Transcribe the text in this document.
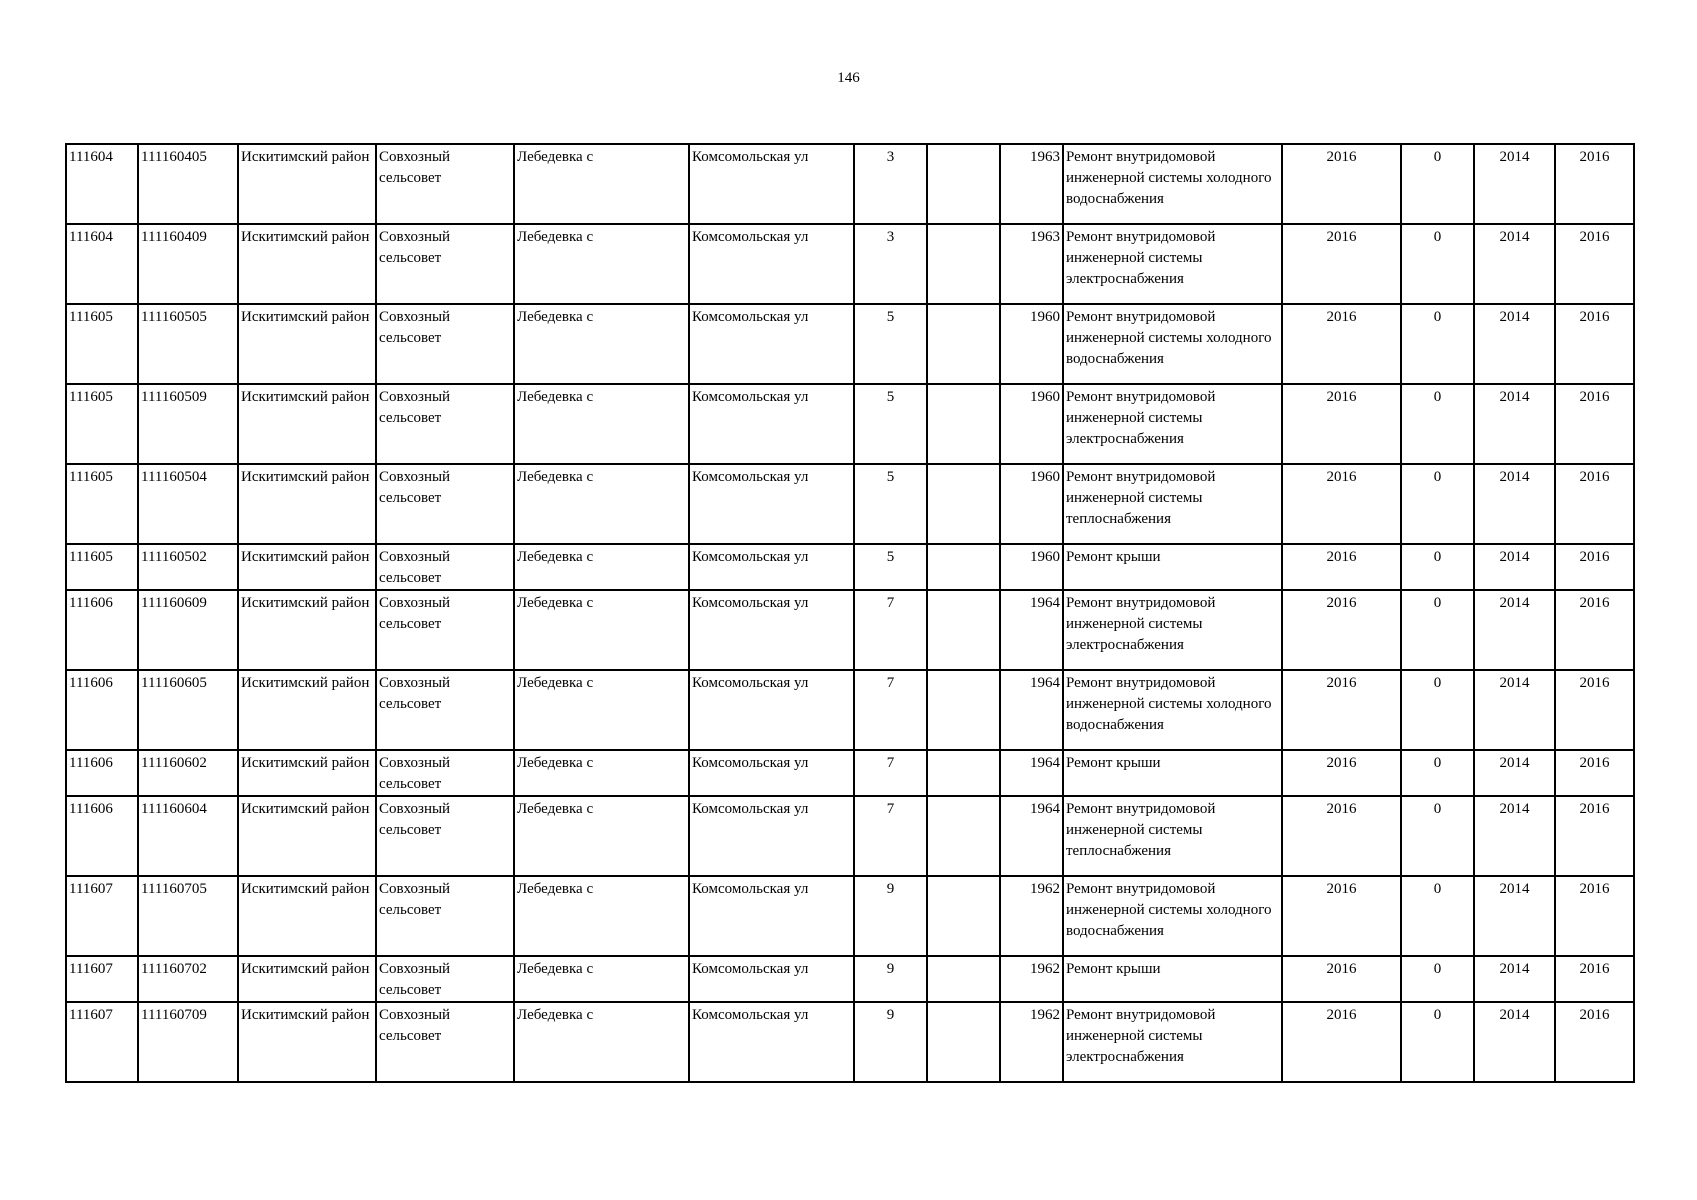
146
111604	111160405	Искитимский район	Совхозный сельсовет	Лебедевка с	Комсомольская ул	3		1963	Ремонт внутридомовой инженерной системы холодного водоснабжения	2016	0	2014	2016
111604	111160409	Искитимский район	Совхозный сельсовет	Лебедевка с	Комсомольская ул	3		1963	Ремонт внутридомовой инженерной системы электроснабжения	2016	0	2014	2016
111605	111160505	Искитимский район	Совхозный сельсовет	Лебедевка с	Комсомольская ул	5		1960	Ремонт внутридомовой инженерной системы холодного водоснабжения	2016	0	2014	2016
111605	111160509	Искитимский район	Совхозный сельсовет	Лебедевка с	Комсомольская ул	5		1960	Ремонт внутридомовой инженерной системы электроснабжения	2016	0	2014	2016
111605	111160504	Искитимский район	Совхозный сельсовет	Лебедевка с	Комсомольская ул	5		1960	Ремонт внутридомовой инженерной системы теплоснабжения	2016	0	2014	2016
111605	111160502	Искитимский район	Совхозный сельсовет	Лебедевка с	Комсомольская ул	5		1960	Ремонт крыши	2016	0	2014	2016
111606	111160609	Искитимский район	Совхозный сельсовет	Лебедевка с	Комсомольская ул	7		1964	Ремонт внутридомовой инженерной системы электроснабжения	2016	0	2014	2016
111606	111160605	Искитимский район	Совхозный сельсовет	Лебедевка с	Комсомольская ул	7		1964	Ремонт внутридомовой инженерной системы холодного водоснабжения	2016	0	2014	2016
111606	111160602	Искитимский район	Совхозный сельсовет	Лебедевка с	Комсомольская ул	7		1964	Ремонт крыши	2016	0	2014	2016
111606	111160604	Искитимский район	Совхозный сельсовет	Лебедевка с	Комсомольская ул	7		1964	Ремонт внутридомовой инженерной системы теплоснабжения	2016	0	2014	2016
111607	111160705	Искитимский район	Совхозный сельсовет	Лебедевка с	Комсомольская ул	9		1962	Ремонт внутридомовой инженерной системы холодного водоснабжения	2016	0	2014	2016
111607	111160702	Искитимский район	Совхозный сельсовет	Лебедевка с	Комсомольская ул	9		1962	Ремонт крыши	2016	0	2014	2016
111607	111160709	Искитимский район	Совхозный сельсовет	Лебедевка с	Комсомольская ул	9		1962	Ремонт внутридомовой инженерной системы электроснабжения	2016	0	2014	2016
